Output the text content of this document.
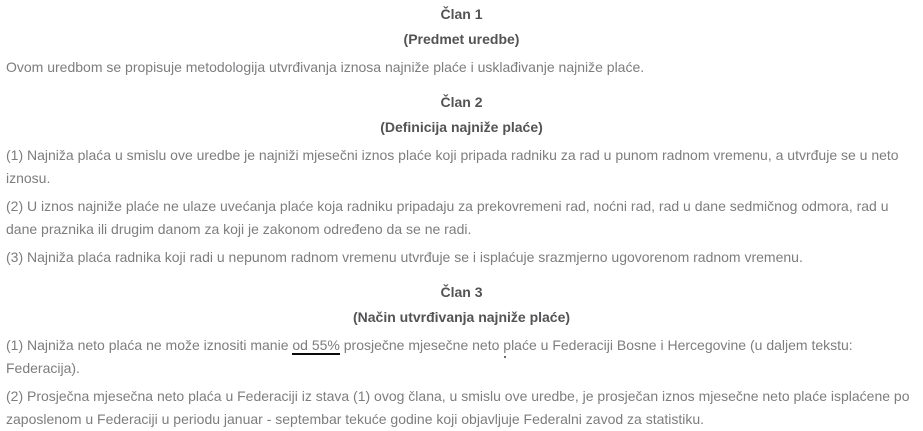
Član 1

(Predmet uredbe)

Ovom uredbom se propisuje metodologija utvrđivanja iznosa najniže plaće i usklađivanje najniže plaće.

Član 2

(Definicija najniže plaće)

(1) Najniža plaća u smislu ove uredbe je najniži mjesečni iznos plaće koji pripada radniku za rad u punom radnom vremenu, a utvrđuje se u neto iznosu.

(2) U iznos najniže plaće ne ulaze uvećanja plaće koja radniku pripadaju za prekovremeni rad, noćni rad, rad u dane sedmičnog odmora, rad u dane praznika ili drugim danom za koji je zakonom određeno da se ne radi.

(3) Najniža plaća radnika koji radi u nepunom radnom vremenu utvrđuje se i isplaćuje srazmjerno ugovorenom radnom vremenu.

Član 3

(Način utvrđivanja najniže plaće)

(1) Najniža neto plaća ne može iznositi manie od 55% prosječne mjesečne neto plaće u Federaciji Bosne i Hercegovine (u daljem tekstu: Federacija).

(2) Prosječna mjesečna neto plaća u Federaciji iz stava (1) ovog člana, u smislu ove uredbe, je prosječan iznos mjesečne neto plaće isplaćene po zaposlenom u Federaciji u periodu januar - septembar tekuće godine koji objavljuje Federalni zavod za statistiku.
